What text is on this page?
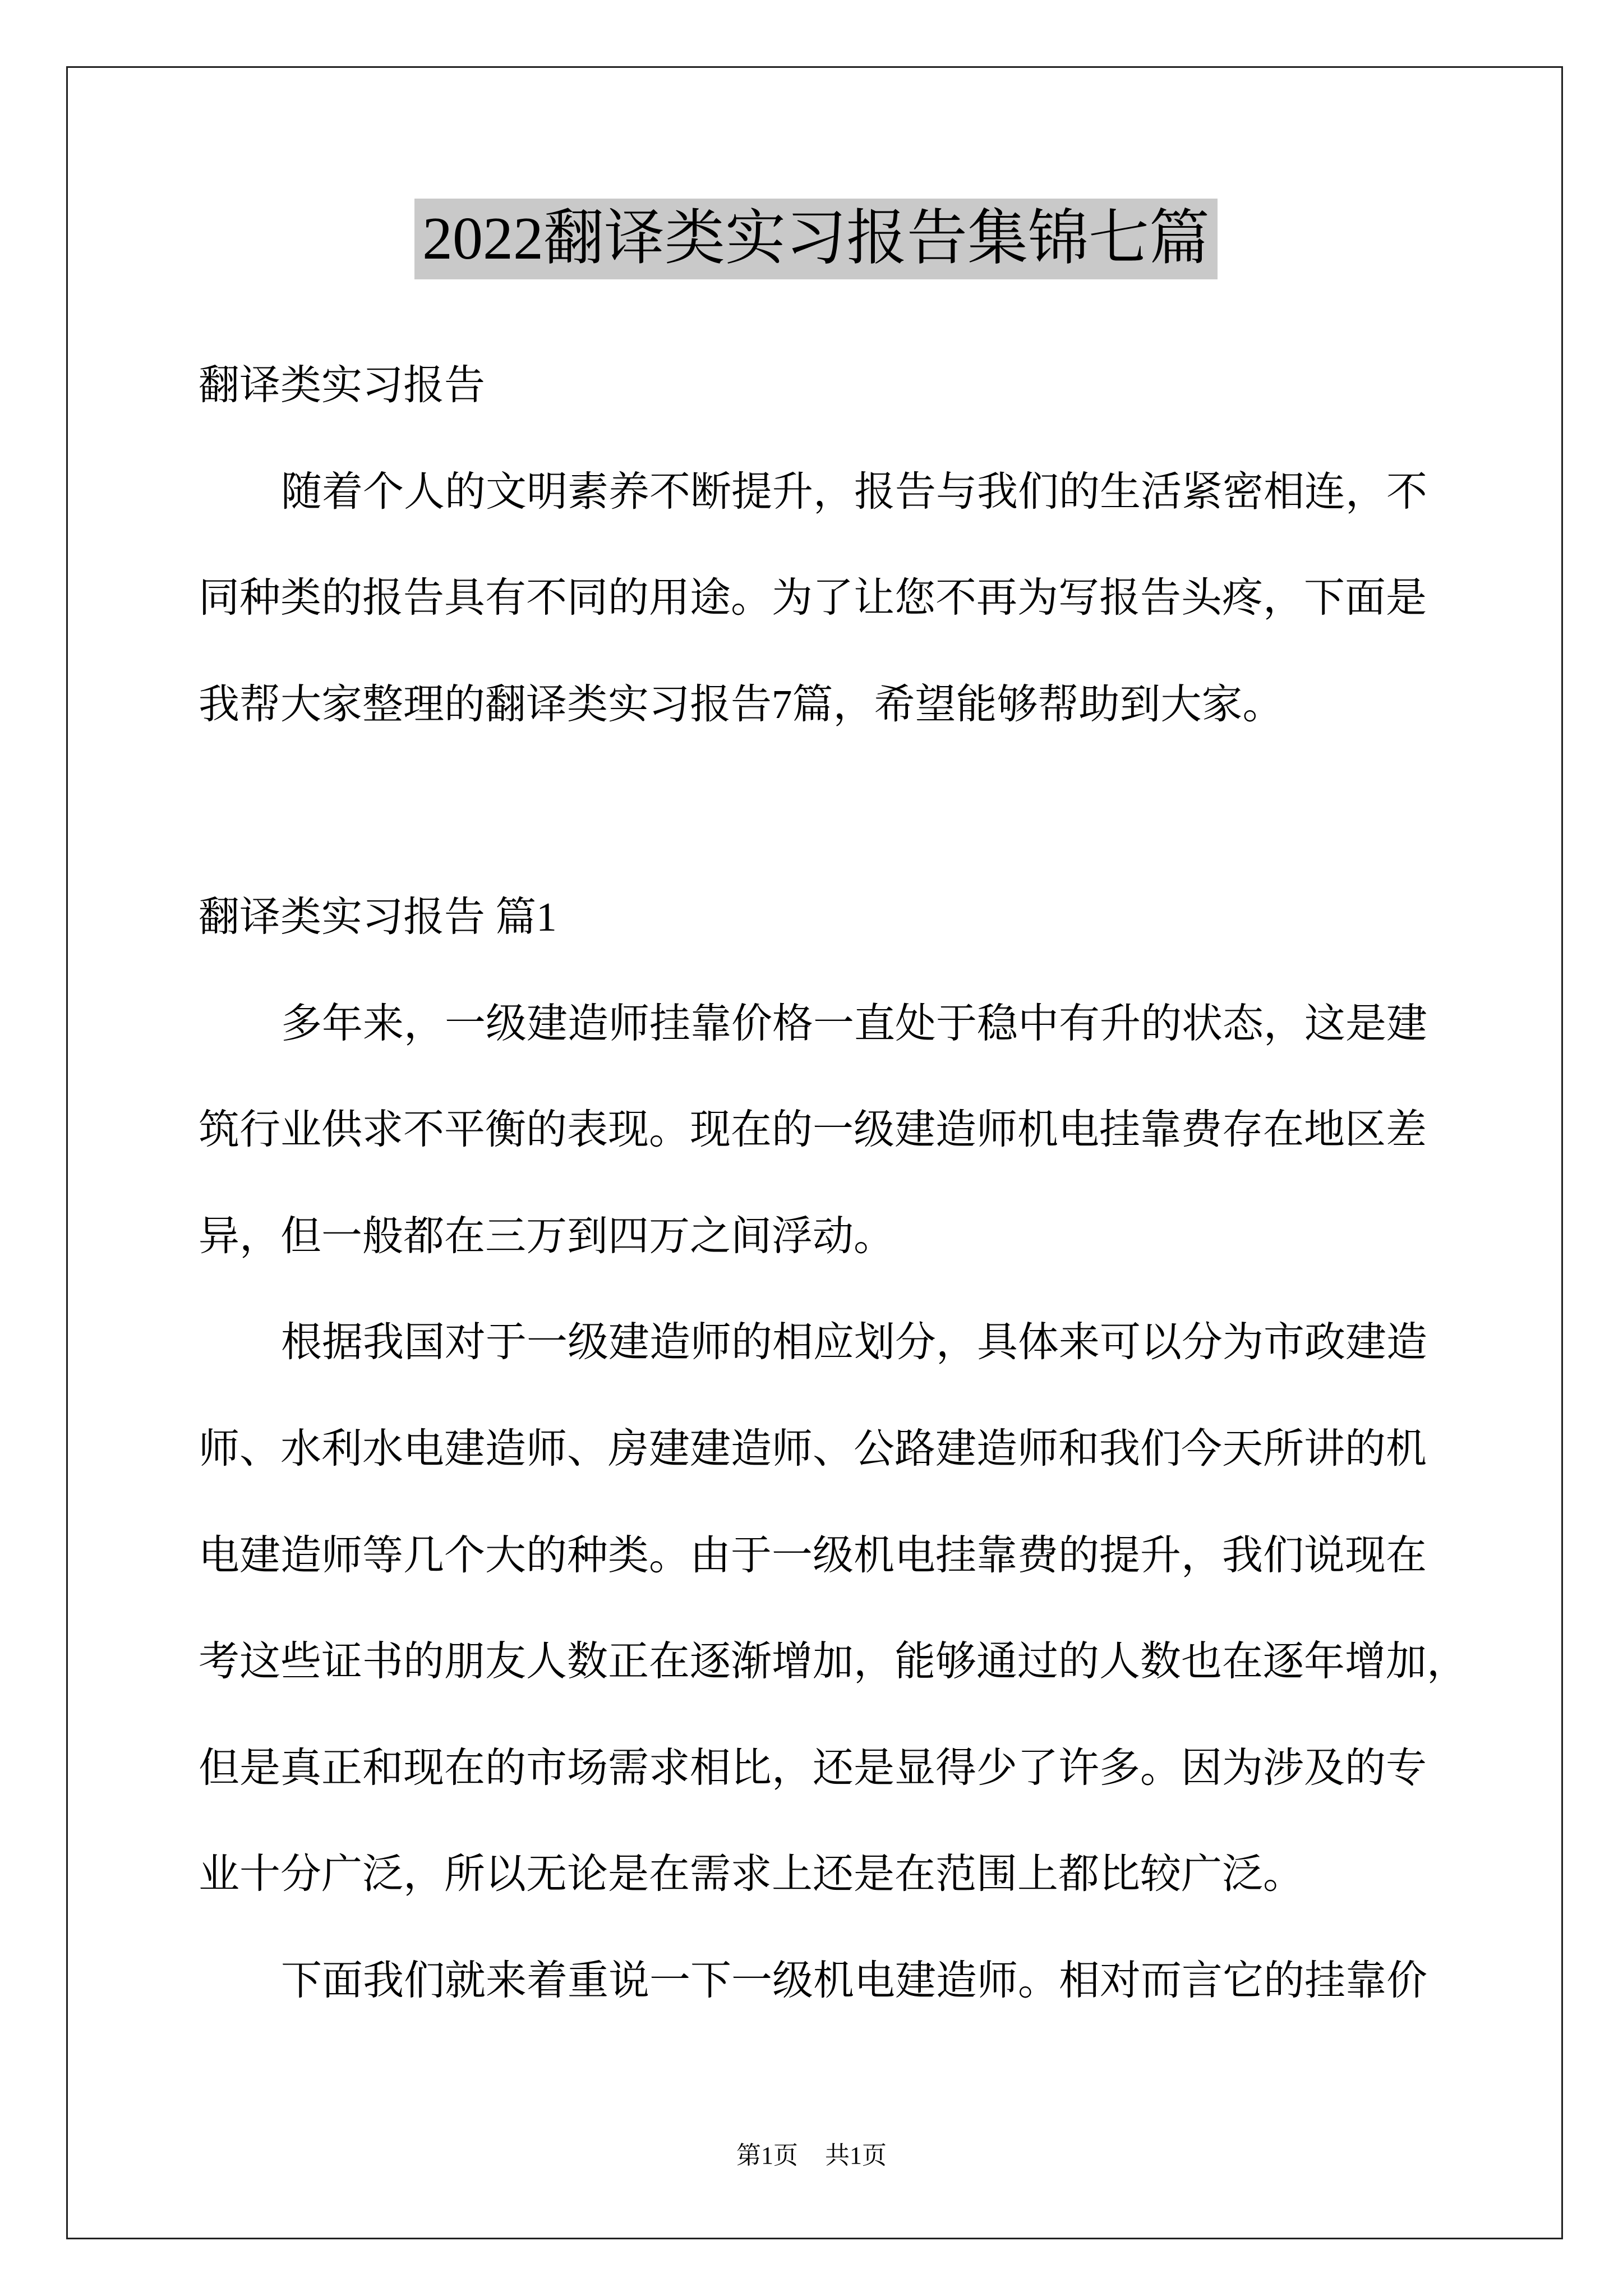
2022翻译类实习报告集锦七篇
翻译类实习报告
随着个人的文明素养不断提升，报告与我们的生活紧密相连，不
同种类的报告具有不同的用途。为了让您不再为写报告头疼，下面是
我帮大家整理的翻译类实习报告7篇，希望能够帮助到大家。
翻译类实习报告 篇1
多年来，一级建造师挂靠价格一直处于稳中有升的状态，这是建
筑行业供求不平衡的表现。现在的一级建造师机电挂靠费存在地区差
异，但一般都在三万到四万之间浮动。
根据我国对于一级建造师的相应划分，具体来可以分为市政建造
师、水利水电建造师、房建建造师、公路建造师和我们今天所讲的机
电建造师等几个大的种类。由于一级机电挂靠费的提升，我们说现在
考这些证书的朋友人数正在逐渐增加，能够通过的人数也在逐年增加，
但是真正和现在的市场需求相比，还是显得少了许多。因为涉及的专
业十分广泛，所以无论是在需求上还是在范围上都比较广泛。
下面我们就来着重说一下一级机电建造师。相对而言它的挂靠价
第1页 共1页
